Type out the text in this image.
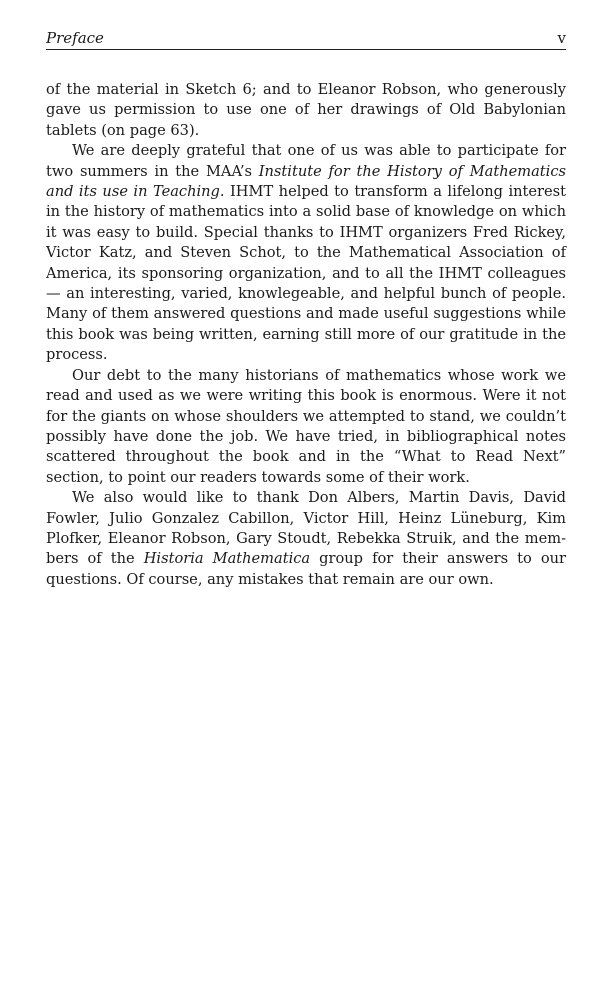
Preface	v

of the material in Sketch 6; and to Eleanor Robson, who generously gave us permission to use one of her drawings of Old Babylonian tablets (on page 63).

We are deeply grateful that one of us was able to participate for two summers in the MAA’s Institute for the History of Mathematics and its use in Teaching. IHMT helped to transform a lifelong interest in the history of mathematics into a solid base of knowledge on which it was easy to build. Special thanks to IHMT organizers Fred Rickey, Victor Katz, and Steven Schot, to the Mathematical Association of America, its sponsoring organization, and to all the IHMT colleagues — an interesting, varied, knowlegeable, and helpful bunch of people. Many of them answered questions and made useful suggestions while this book was being written, earning still more of our gratitude in the process.

Our debt to the many historians of mathematics whose work we read and used as we were writing this book is enormous. Were it not for the giants on whose shoulders we attempted to stand, we couldn’t possibly have done the job. We have tried, in bibliographical notes scattered throughout the book and in the “What to Read Next” section, to point our readers towards some of their work.

We also would like to thank Don Albers, Martin Davis, David Fowler, Julio Gonzalez Cabillon, Victor Hill, Heinz Lüneburg, Kim Plofker, Eleanor Robson, Gary Stoudt, Rebekka Struik, and the members of the Historia Mathematica group for their answers to our questions. Of course, any mistakes that remain are our own.
